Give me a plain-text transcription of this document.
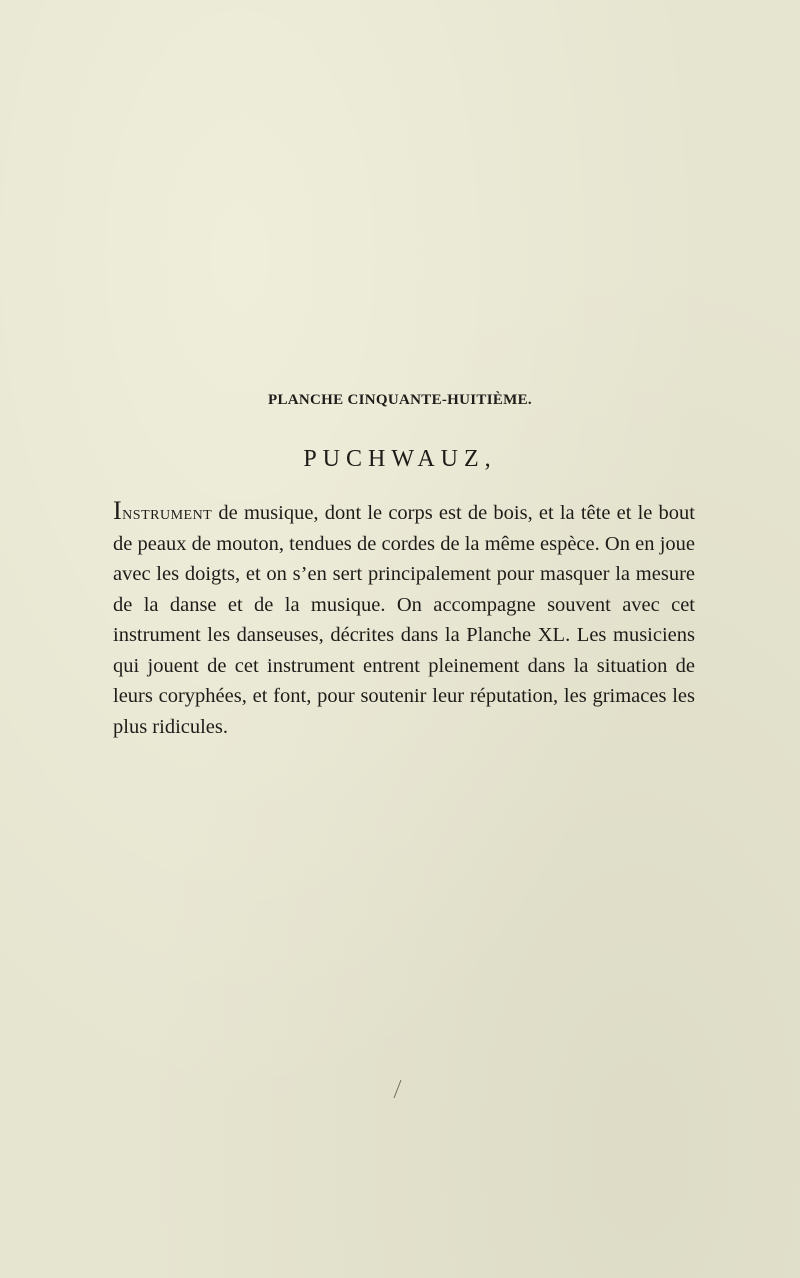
PLANCHE CINQUANTE-HUITIÈME.
PUCHWAUZ,

Instrument de musique, dont le corps est de bois, et la tête et le bout de peaux de mouton, tendues de cordes de la même espèce. On en joue avec les doigts, et on s’en sert principalement pour masquer la mesure de la danse et de la musique. On accompagne souvent avec cet instrument les danseuses, décrites dans la Planche XL. Les musiciens qui jouent de cet instrument entrent pleinement dans la situation de leurs coryphées, et font, pour soutenir leur réputation, les grimaces les plus ridicules.
